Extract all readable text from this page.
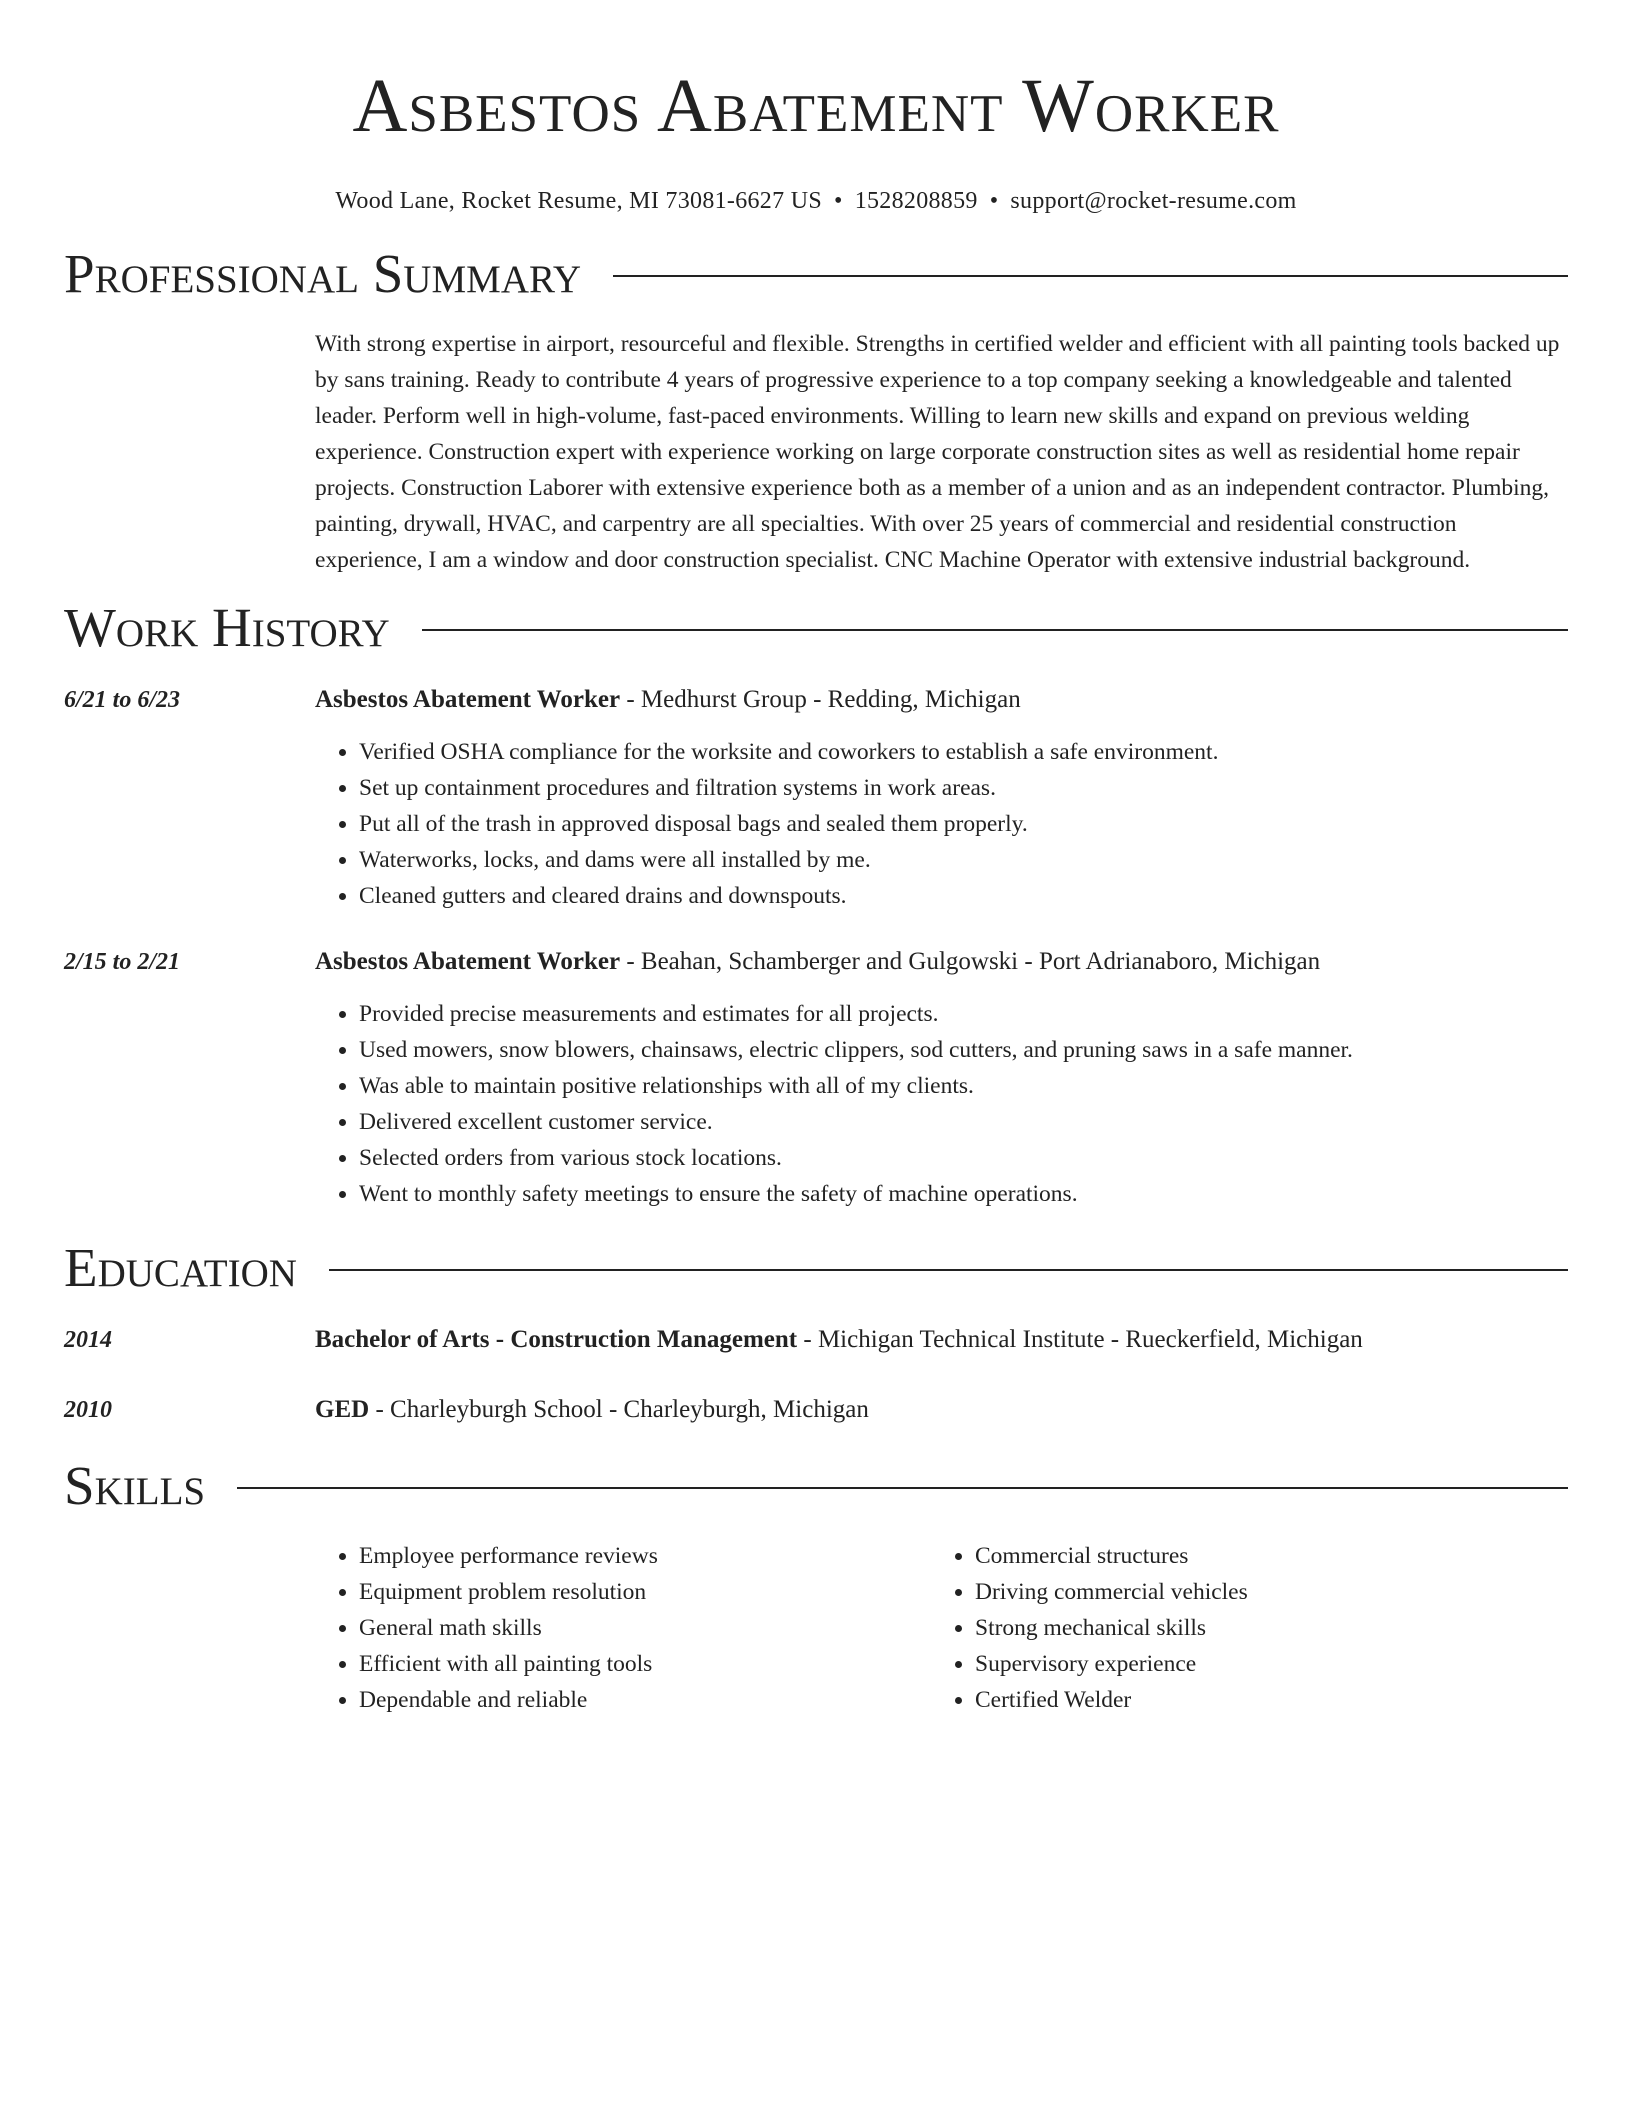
Asbestos Abatement Worker
Wood Lane, Rocket Resume, MI 73081-6627 US • 1528208859 • support@rocket-resume.com
Professional Summary
With strong expertise in airport, resourceful and flexible. Strengths in certified welder and efficient with all painting tools backed up by sans training. Ready to contribute 4 years of progressive experience to a top company seeking a knowledgeable and talented leader. Perform well in high-volume, fast-paced environments. Willing to learn new skills and expand on previous welding experience. Construction expert with experience working on large corporate construction sites as well as residential home repair projects. Construction Laborer with extensive experience both as a member of a union and as an independent contractor. Plumbing, painting, drywall, HVAC, and carpentry are all specialties. With over 25 years of commercial and residential construction experience, I am a window and door construction specialist. CNC Machine Operator with extensive industrial background.
Work History
6/21 to 6/23	Asbestos Abatement Worker - Medhurst Group - Redding, Michigan
• Verified OSHA compliance for the worksite and coworkers to establish a safe environment.
• Set up containment procedures and filtration systems in work areas.
• Put all of the trash in approved disposal bags and sealed them properly.
• Waterworks, locks, and dams were all installed by me.
• Cleaned gutters and cleared drains and downspouts.
2/15 to 2/21	Asbestos Abatement Worker - Beahan, Schamberger and Gulgowski - Port Adrianaboro, Michigan
• Provided precise measurements and estimates for all projects.
• Used mowers, snow blowers, chainsaws, electric clippers, sod cutters, and pruning saws in a safe manner.
• Was able to maintain positive relationships with all of my clients.
• Delivered excellent customer service.
• Selected orders from various stock locations.
• Went to monthly safety meetings to ensure the safety of machine operations.
Education
2014	Bachelor of Arts - Construction Management - Michigan Technical Institute - Rueckerfield, Michigan
2010	GED - Charleyburgh School - Charleyburgh, Michigan
Skills
• Employee performance reviews
• Equipment problem resolution
• General math skills
• Efficient with all painting tools
• Dependable and reliable
• Commercial structures
• Driving commercial vehicles
• Strong mechanical skills
• Supervisory experience
• Certified Welder
